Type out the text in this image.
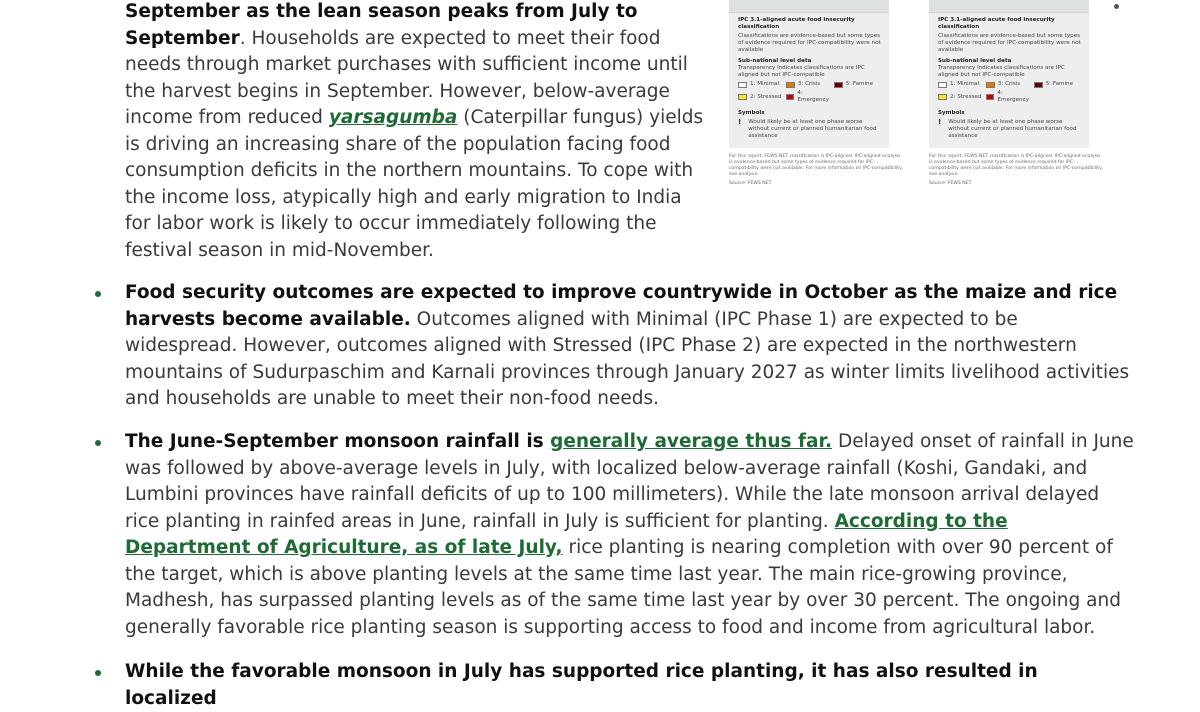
September as the lean season peaks from July to September. Households are expected to meet their food needs through market purchases with sufficient income until the harvest begins in September. However, below-average income from reduced yarsagumba (Caterpillar fungus) yields is driving an increasing share of the population facing food consumption deficits in the northern mountains. To cope with the income loss, atypically high and early migration to India for labor work is likely to occur immediately following the festival season in mid-November.
IPC 3.1-aligned acute food insecurity classification
Classifications are evidence-based but some types of evidence required for IPC-compatibility were not available
Sub-national level data
Transparency indicates classifications are IPC aligned but not IPC-compatible
1: Minimal	3: Crisis	5: Famine
2: Stressed
4: Emergency
Symbols
! Would likely be at least one phase worse without current or planned humanitarian food assistance
For this report, FEWS NET classification is IPC-aligned. IPC-aligned analysis is evidence-based but some types of evidence required for IPC-compatibility were not available. For more information on IPC-compatibility, see analysis.
Source: FEWS NET
IPC 3.1-aligned acute food insecurity classification
Classifications are evidence-based but some types of evidence required for IPC-compatibility were not available
Sub-national level data
Transparency indicates classifications are IPC aligned but not IPC-compatible
1: Minimal	3: Crisis	5: Famine
2: Stressed
4: Emergency
Symbols
! Would likely be at least one phase worse without current or planned humanitarian food assistance
For this report, FEWS NET classification is IPC-aligned. IPC-aligned analysis is evidence-based but some types of evidence required for IPC-compatibility were not available. For more information on IPC-compatibility, see analysis.
Source: FEWS NET
Food security outcomes are expected to improve countrywide in October as the maize and rice harvests become available. Outcomes aligned with Minimal (IPC Phase 1) are expected to be widespread. However, outcomes aligned with Stressed (IPC Phase 2) are expected in the northwestern mountains of Sudurpaschim and Karnali provinces through January 2027 as winter limits livelihood activities and households are unable to meet their non-food needs.
The June-September monsoon rainfall is generally average thus far. Delayed onset of rainfall in June was followed by above-average levels in July, with localized below-average rainfall (Koshi, Gandaki, and Lumbini provinces have rainfall deficits of up to 100 millimeters). While the late monsoon arrival delayed rice planting in rainfed areas in June, rainfall in July is sufficient for planting. According to the Department of Agriculture, as of late July, rice planting is nearing completion with over 90 percent of the target, which is above planting levels at the same time last year. The main rice-growing province, Madhesh, has surpassed planting levels as of the same time last year by over 30 percent. The ongoing and generally favorable rice planting season is supporting access to food and income from agricultural labor.
While the favorable monsoon in July has supported rice planting, it has also resulted in localized
